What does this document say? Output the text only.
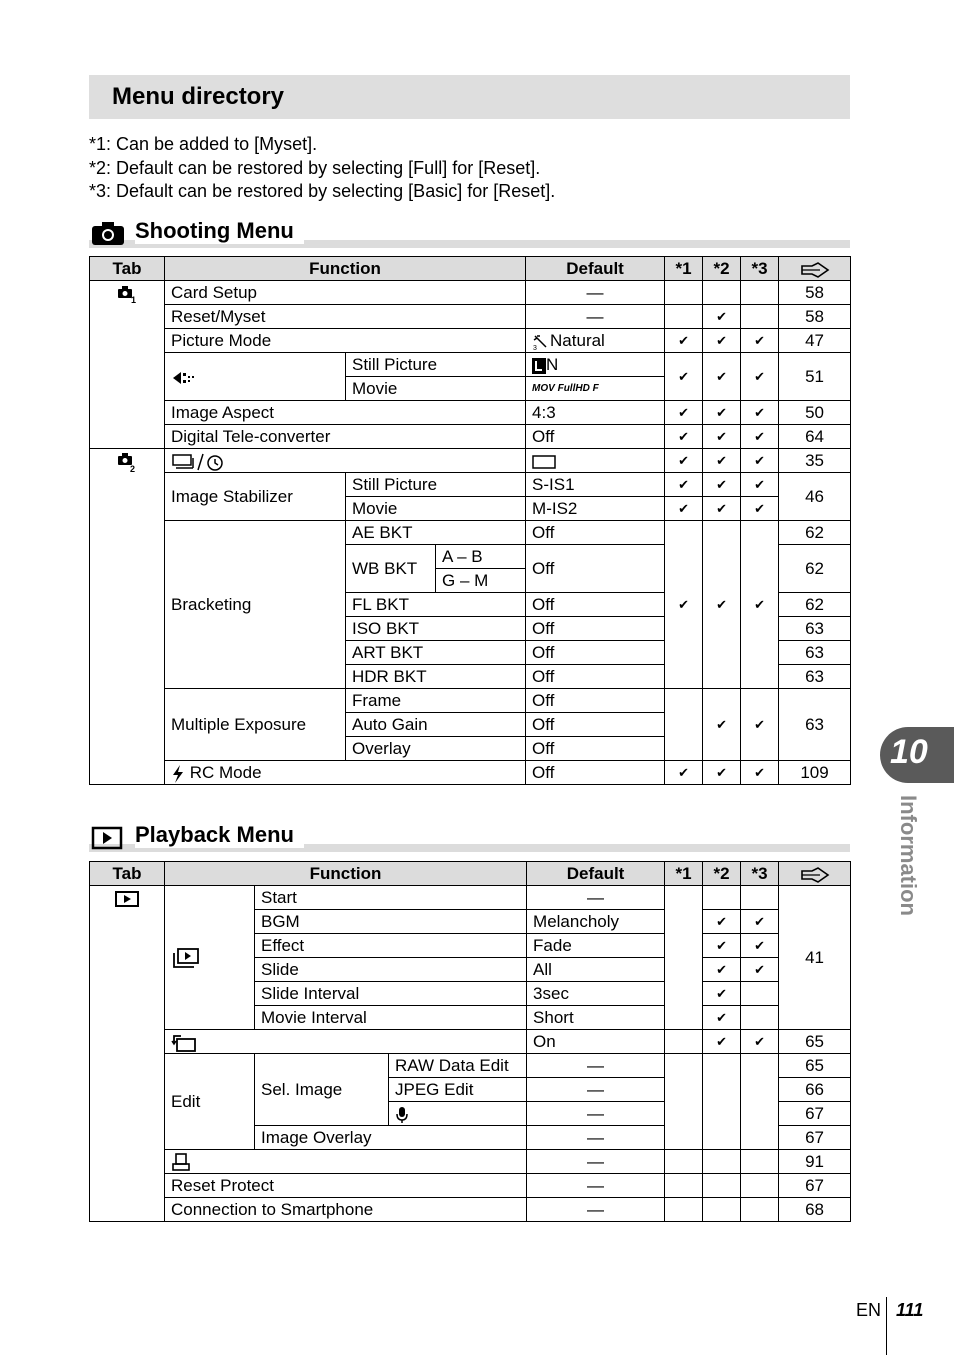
Menu directory
*1: Can be added to [Myset].
*2: Default can be restored by selecting [Full] for [Reset].
*3: Default can be restored by selecting [Basic] for [Reset].
Shooting Menu
Tab	Function			Default	*1	*2	*3	

1	Card Setup			—				58
	Reset/Myset			—		✔		58
	Picture Mode			3 Natural	✔	✔	✔	47
	Still Picture		N	✔	✔	✔	51
		Movie		MOV FullHD F				
	Image Aspect			4:3	✔	✔	✔	50
	Digital Tele-converter			Off	✔	✔	✔	64

2					✔	✔	✔	35
	Image Stabilizer	Still Picture		S-IS1	✔	✔	✔	46
		Movie		M-IS2	✔	✔	✔	
	Bracketing	AE BKT		Off	✔	✔	✔	62
		WB BKT	A – B	Off				62
			G – M					
		FL BKT		Off				62
		ISO BKT		Off				63
		ART BKT		Off				63
		HDR BKT		Off				63
	Multiple Exposure	Frame		Off		✔	✔	63
		Auto Gain		Off				
		Overlay		Off				
	RC Mode			Off	✔	✔	✔	109
Playback Menu
Tab	Function			Default	*1	*2	*3	
		Start		—				41
		BGM		Melancholy		✔	✔	
		Effect		Fade		✔	✔	
		Slide		All		✔	✔	
		Slide Interval		3sec		✔		
		Movie Interval		Short		✔		
	On		✔	✔	65
	Edit	Sel. Image	RAW Data Edit	—				65
			JPEG Edit	—				66
	—				67
		Image Overlay		—				67
	—				91
	Reset Protect			—				67
	Connection to Smartphone			—				68
10
Information
EN 111
